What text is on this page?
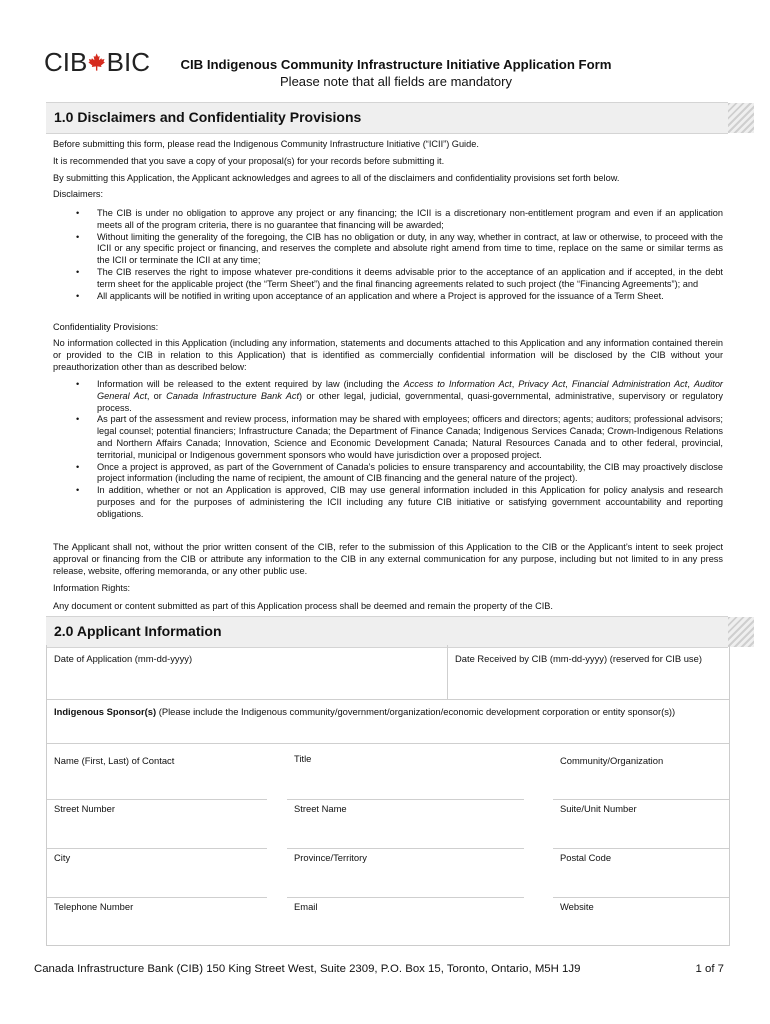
CIB BIC	CIB Indigenous Community Infrastructure Initiative Application Form
Please note that all fields are mandatory
1.0 Disclaimers and Confidentiality Provisions
Before submitting this form, please read the Indigenous Community Infrastructure Initiative (“ICII”) Guide.
It is recommended that you save a copy of your proposal(s) for your records before submitting it.
By submitting this Application, the Applicant acknowledges and agrees to all of the disclaimers and confidentiality provisions set forth below.
Disclaimers:
• The CIB is under no obligation to approve any project or any financing; the ICII is a discretionary non-entitlement program and even if an application meets all of the program criteria, there is no guarantee that financing will be awarded;
• Without limiting the generality of the foregoing, the CIB has no obligation or duty, in any way, whether in contract, at law or otherwise, to proceed with the ICII or any specific project or financing, and reserves the complete and absolute right amend from time to time, replace on the same or similar terms as the ICII or terminate the ICII at any time;
• The CIB reserves the right to impose whatever pre-conditions it deems advisable prior to the acceptance of an application and if accepted, in the debt term sheet for the applicable project (the “Term Sheet”) and the final financing agreements related to such project (the “Financing Agreements”); and
• All applicants will be notified in writing upon acceptance of an application and where a Project is approved for the issuance of a Term Sheet.
Confidentiality Provisions:
No information collected in this Application (including any information, statements and documents attached to this Application and any information contained therein or provided to the CIB in relation to this Application) that is identified as commercially confidential information will be disclosed by the CIB without your preauthorization other than as described below:
• Information will be released to the extent required by law (including the Access to Information Act, Privacy Act, Financial Administration Act, Auditor General Act, or Canada Infrastructure Bank Act) or other legal, judicial, governmental, quasi-governmental, administrative, supervisory or regulatory process.
• As part of the assessment and review process, information may be shared with employees; officers and directors; agents; auditors; professional advisors; legal counsel; potential financiers; Infrastructure Canada; the Department of Finance Canada; Indigenous Services Canada; Crown-Indigenous Relations and Northern Affairs Canada; Innovation, Science and Economic Development Canada; Natural Resources Canada and to other federal, provincial, territorial, municipal or Indigenous government sponsors who would have jurisdiction over a proposed project.
• Once a project is approved, as part of the Government of Canada’s policies to ensure transparency and accountability, the CIB may proactively disclose project information (including the name of recipient, the amount of CIB financing and the general nature of the project).
• In addition, whether or not an Application is approved, CIB may use general information included in this Application for policy analysis and research purposes and for the purposes of administering the ICII including any future CIB initiative or satisfying government accountability and reporting obligations.
The Applicant shall not, without the prior written consent of the CIB, refer to the submission of this Application to the CIB or the Applicant’s intent to seek project approval or financing from the CIB or attribute any information to the CIB in any external communication for any purpose, including but not limited to in any press release, website, offering memoranda, or any other public use.
Information Rights:
Any document or content submitted as part of this Application process shall be deemed and remain the property of the CIB.
2.0 Applicant Information
Date of Application (mm-dd-yyyy)	Date Received by CIB (mm-dd-yyyy) (reserved for CIB use)
Indigenous Sponsor(s) (Please include the Indigenous community/government/organization/economic development corporation or entity sponsor(s))
Name (First, Last) of Contact	Title	Community/Organization
Street Number	Street Name	Suite/Unit Number
City	Province/Territory	Postal Code
Telephone Number	Email	Website
Canada Infrastructure Bank (CIB) 150 King Street West, Suite 2309, P.O. Box 15, Toronto, Ontario, M5H 1J9	1 of 7
